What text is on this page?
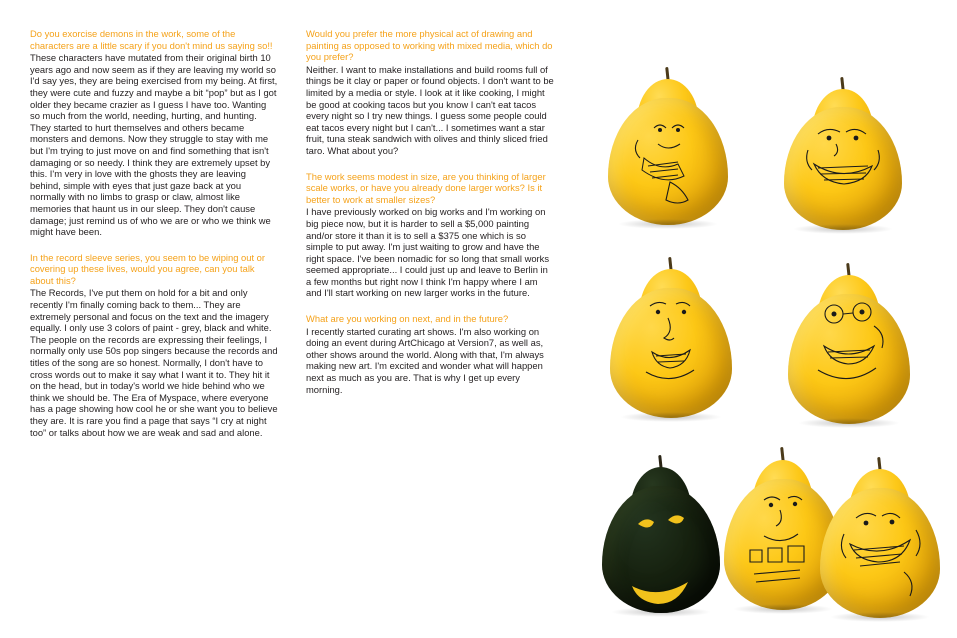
Do you exorcise demons in the work, some of the characters are a little scary if you don't mind us saying so!!

These characters have mutated from their original birth 10 years ago and now seem as if they are leaving my world so I'd say yes, they are being exercised from my being. At first, they were cute and fuzzy and maybe a bit “pop” but as I got older they became crazier as I guess I have too. Wanting so much from the world, needing, hurting, and hunting. They started to hurt themselves and others became monsters and demons. Now they struggle to stay with me but I'm trying to just move on and find something that isn't damaging or so needy. I think they are extremely upset by this. I'm very in love with the ghosts they are leaving behind, simple with eyes that just gaze back at you normally with no limbs to grasp or claw, almost like memories that haunt us in our sleep. They don't cause damage; just remind us of who we are or who we think we might have been.

In the record sleeve series, you seem to be wiping out or covering up these lives, would you agree, can you talk about this?

The Records, I've put them on hold for a bit and only recently I'm finally coming back to them... They are extremely personal and focus on the text and the imagery equally. I only use 3 colors of paint - grey, black and white. The people on the records are expressing their feelings, I normally only use 50s pop singers because the records and titles of the song are so honest. Normally, I don't have to cross words out to make it say what I want it to. They hit it on the head, but in today's world we hide behind who we think we should be. The Era of Myspace, where everyone has a page showing how cool he or she want you to believe they are. It is rare you find a page that says “I cry at night too” or talks about how we are weak and sad and alone.

Would you prefer the more physical act of drawing and painting as opposed to working with mixed media, which do you prefer?

Neither. I want to make installations and build rooms full of things be it clay or paper or found objects. I don't want to be limited by a media or style. I look at it like cooking, I might be good at cooking tacos but you know I can't eat tacos every night so I try new things. I guess some people could eat tacos every night but I can't... I sometimes want a star fruit, tuna steak sandwich with olives and thinly sliced fried taro. What about you?

The work seems modest in size, are you thinking of larger scale works, or have you already done larger works? Is it better to work at smaller sizes?

I have previously worked on big works and I'm working on big piece now, but it is harder to sell a $5,000 painting and/or store it than it is to sell a $375 one which is so simple to put away. I'm just waiting to grow and have the right space. I've been nomadic for so long that small works seemed appropriate... I could just up and leave to Berlin in a few months but right now I think I'm happy where I am and I'll start working on new larger works in the future.

What are you working on next, and in the future?

I recently started curating art shows. I'm also working on doing an event during ArtChicago at Version7, as well as, other shows around the world. Along with that, I'm always making new art. I'm excited and wonder what will happen next as much as you are. That is why I get up every morning.
